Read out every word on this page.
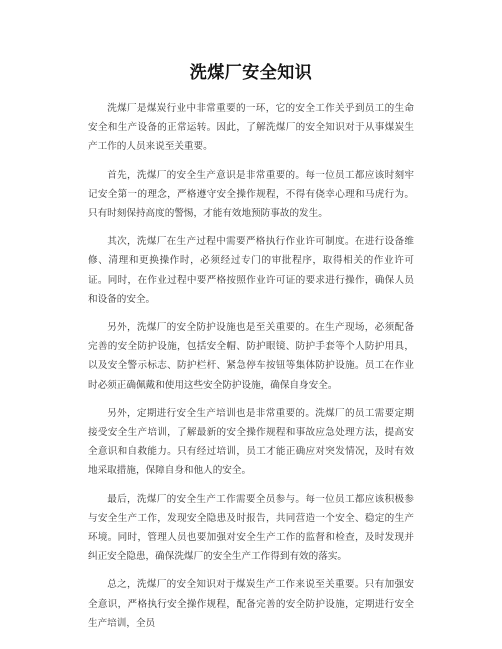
洗煤厂安全知识

洗煤厂是煤炭行业中非常重要的一环，它的安全工作关乎到员工的生命安全和生产设备的正常运转。因此，了解洗煤厂的安全知识对于从事煤炭生产工作的人员来说至关重要。

首先，洗煤厂的安全生产意识是非常重要的。每一位员工都应该时刻牢记安全第一的理念，严格遵守安全操作规程，不得有侥幸心理和马虎行为。只有时刻保持高度的警惕，才能有效地预防事故的发生。

其次，洗煤厂在生产过程中需要严格执行作业许可制度。在进行设备维修、清理和更换操作时，必须经过专门的审批程序，取得相关的作业许可证。同时，在作业过程中要严格按照作业许可证的要求进行操作，确保人员和设备的安全。

另外，洗煤厂的安全防护设施也是至关重要的。在生产现场，必须配备完善的安全防护设施，包括安全帽、防护眼镜、防护手套等个人防护用具，以及安全警示标志、防护栏杆、紧急停车按钮等集体防护设施。员工在作业时必须正确佩戴和使用这些安全防护设施，确保自身安全。

另外，定期进行安全生产培训也是非常重要的。洗煤厂的员工需要定期接受安全生产培训，了解最新的安全操作规程和事故应急处理方法，提高安全意识和自救能力。只有经过培训，员工才能正确应对突发情况，及时有效地采取措施，保障自身和他人的安全。

最后，洗煤厂的安全生产工作需要全员参与。每一位员工都应该积极参与安全生产工作，发现安全隐患及时报告，共同营造一个安全、稳定的生产环境。同时，管理人员也要加强对安全生产工作的监督和检查，及时发现并纠正安全隐患，确保洗煤厂的安全生产工作得到有效的落实。

总之，洗煤厂的安全知识对于煤炭生产工作来说至关重要。只有加强安全意识，严格执行安全操作规程，配备完善的安全防护设施，定期进行安全生产培训，全员
